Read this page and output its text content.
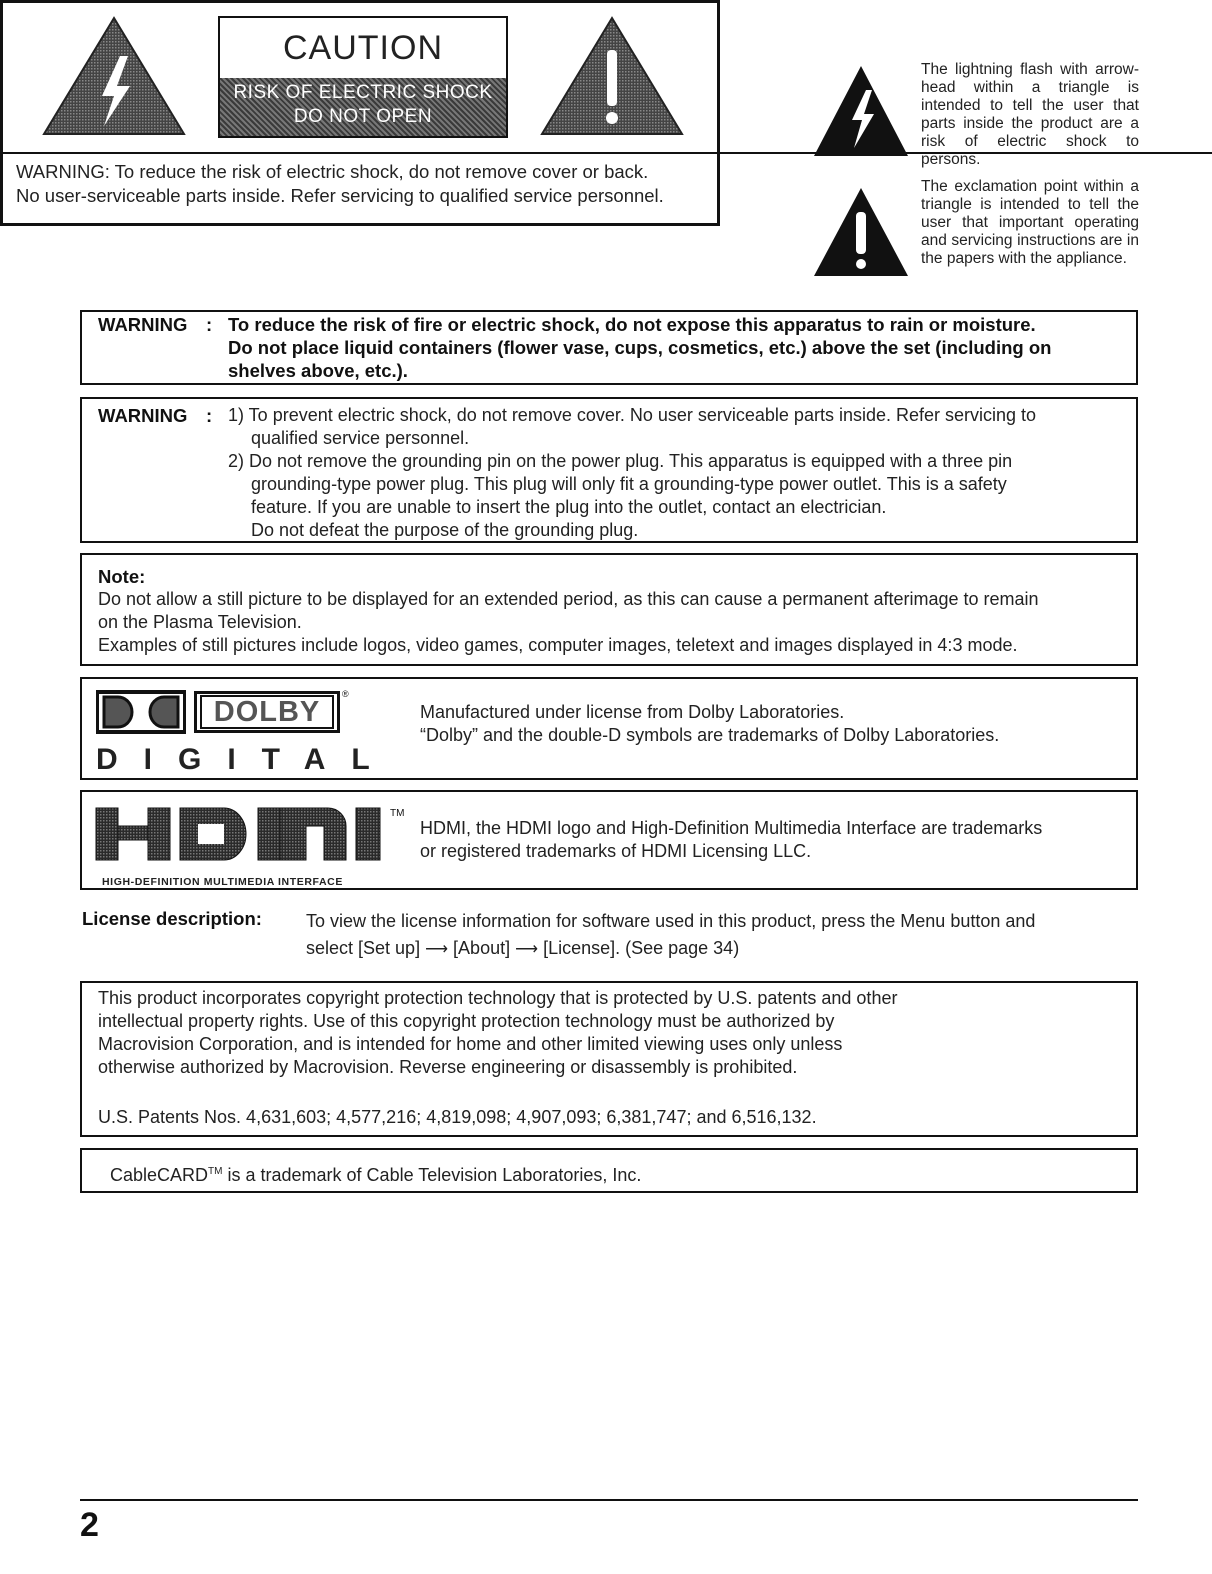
CAUTION
RISK OF ELECTRIC SHOCK
DO NOT OPEN
WARNING: To reduce the risk of electric shock, do not remove cover or back.
No user-serviceable parts inside. Refer servicing to qualified service personnel.
The lightning flash with arrow-head within a triangle is intended to tell the user that parts inside the product are a risk of electric shock to persons.
The exclamation point within a triangle is intended to tell the user that important operating and servicing instructions are in the papers with the appliance.
WARNING : To reduce the risk of fire or electric shock, do not expose this apparatus to rain or moisture.
Do not place liquid containers (flower vase, cups, cosmetics, etc.) above the set (including on
shelves above, etc.).
WARNING : 1) To prevent electric shock, do not remove cover. No user serviceable parts inside. Refer servicing to
qualified service personnel.
2) Do not remove the grounding pin on the power plug. This apparatus is equipped with a three pin
grounding-type power plug. This plug will only fit a grounding-type power outlet. This is a safety
feature. If you are unable to insert the plug into the outlet, contact an electrician.
Do not defeat the purpose of the grounding plug.
Note:
Do not allow a still picture to be displayed for an extended period, as this can cause a permanent afterimage to remain
on the Plasma Television.
Examples of still pictures include logos, video games, computer images, teletext and images displayed in 4:3 mode.
DOLBY
®
DIGITAL
Manufactured under license from Dolby Laboratories.
“Dolby” and the double-D symbols are trademarks of Dolby Laboratories.
TM
HIGH-DEFINITION MULTIMEDIA INTERFACE
HDMI, the HDMI logo and High-Definition Multimedia Interface are trademarks
or registered trademarks of HDMI Licensing LLC.
License description: To view the license information for software used in this product, press the Menu button and
select [Set up] ⟶ [About] ⟶ [License]. (See page 34)
This product incorporates copyright protection technology that is protected by U.S. patents and other
intellectual property rights. Use of this copyright protection technology must be authorized by
Macrovision Corporation, and is intended for home and other limited viewing uses only unless
otherwise authorized by Macrovision. Reverse engineering or disassembly is prohibited.
U.S. Patents Nos. 4,631,603; 4,577,216; 4,819,098; 4,907,093; 6,381,747; and 6,516,132.
CableCARD™ is a trademark of Cable Television Laboratories, Inc.
2
